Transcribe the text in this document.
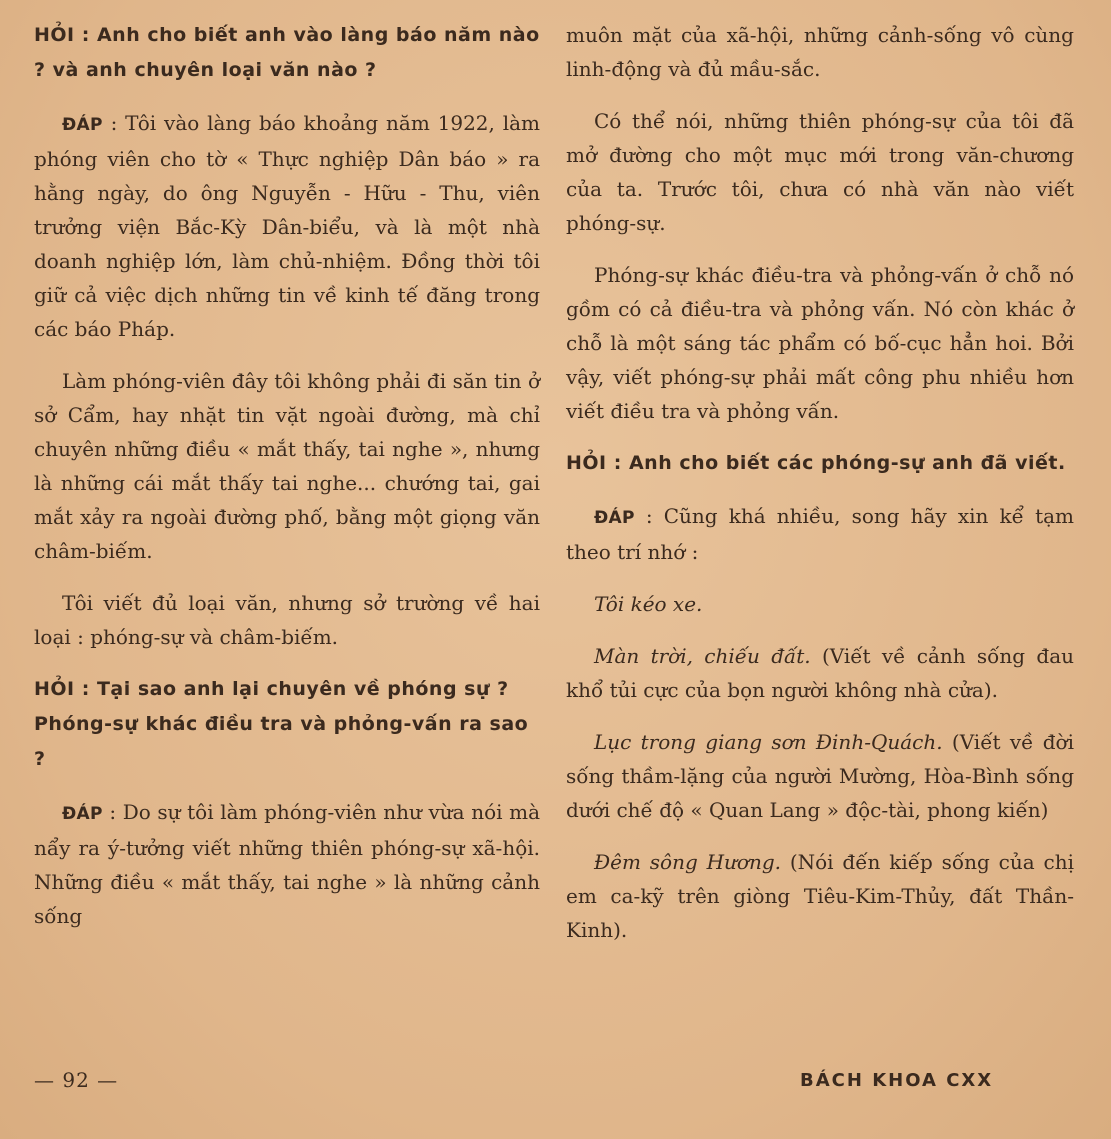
HỎI : Anh cho biết anh vào làng báo năm nào ? và anh chuyên loại văn nào ?

ĐÁP : Tôi vào làng báo khoảng năm 1922, làm phóng viên cho tờ « Thực nghiệp Dân báo » ra hằng ngày, do ông Nguyễn - Hữu - Thu, viên trưởng viện Bắc-Kỳ Dân-biểu, và là một nhà doanh nghiệp lớn, làm chủ-nhiệm. Đồng thời tôi giữ cả việc dịch những tin về kinh tế đăng trong các báo Pháp.

Làm phóng-viên đây tôi không phải đi săn tin ở sở Cẩm, hay nhặt tin vặt ngoài đường, mà chỉ chuyên những điều « mắt thấy, tai nghe », nhưng là những cái mắt thấy tai nghe... chướng tai, gai mắt xảy ra ngoài đường phố, bằng một giọng văn châm-biếm.

Tôi viết đủ loại văn, nhưng sở trường về hai loại : phóng-sự và châm-biếm.

HỎI : Tại sao anh lại chuyên về phóng sự ? Phóng-sự khác điều tra và phỏng-vấn ra sao ?

ĐÁP : Do sự tôi làm phóng-viên như vừa nói mà nẩy ra ý-tưởng viết những thiên phóng-sự xã-hội. Những điều « mắt thấy, tai nghe » là những cảnh sống

muôn mặt của xã-hội, những cảnh-sống vô cùng linh-động và đủ mầu-sắc.

Có thể nói, những thiên phóng-sự của tôi đã mở đường cho một mục mới trong văn-chương của ta. Trước tôi, chưa có nhà văn nào viết phóng-sự.

Phóng-sự khác điều-tra và phỏng-vấn ở chỗ nó gồm có cả điều-tra và phỏng vấn. Nó còn khác ở chỗ là một sáng tác phẩm có bố-cục hẳn hoi. Bởi vậy, viết phóng-sự phải mất công phu nhiều hơn viết điều tra và phỏng vấn.

HỎI : Anh cho biết các phóng-sự anh đã viết.

ĐÁP : Cũng khá nhiều, song hãy xin kể tạm theo trí nhớ :

Tôi kéo xe.

Màn trời, chiếu đất. (Viết về cảnh sống đau khổ tủi cực của bọn người không nhà cửa).

Lục trong giang sơn Đinh-Quách. (Viết về đời sống thầm-lặng của người Mường, Hòa-Bình sống dưới chế độ « Quan Lang » độc-tài, phong kiến)

Đêm sông Hương. (Nói đến kiếp sống của chị em ca-kỹ trên giòng Tiêu-Kim-Thủy, đất Thần-Kinh).

— 92 —	BÁCH KHOA CXX
